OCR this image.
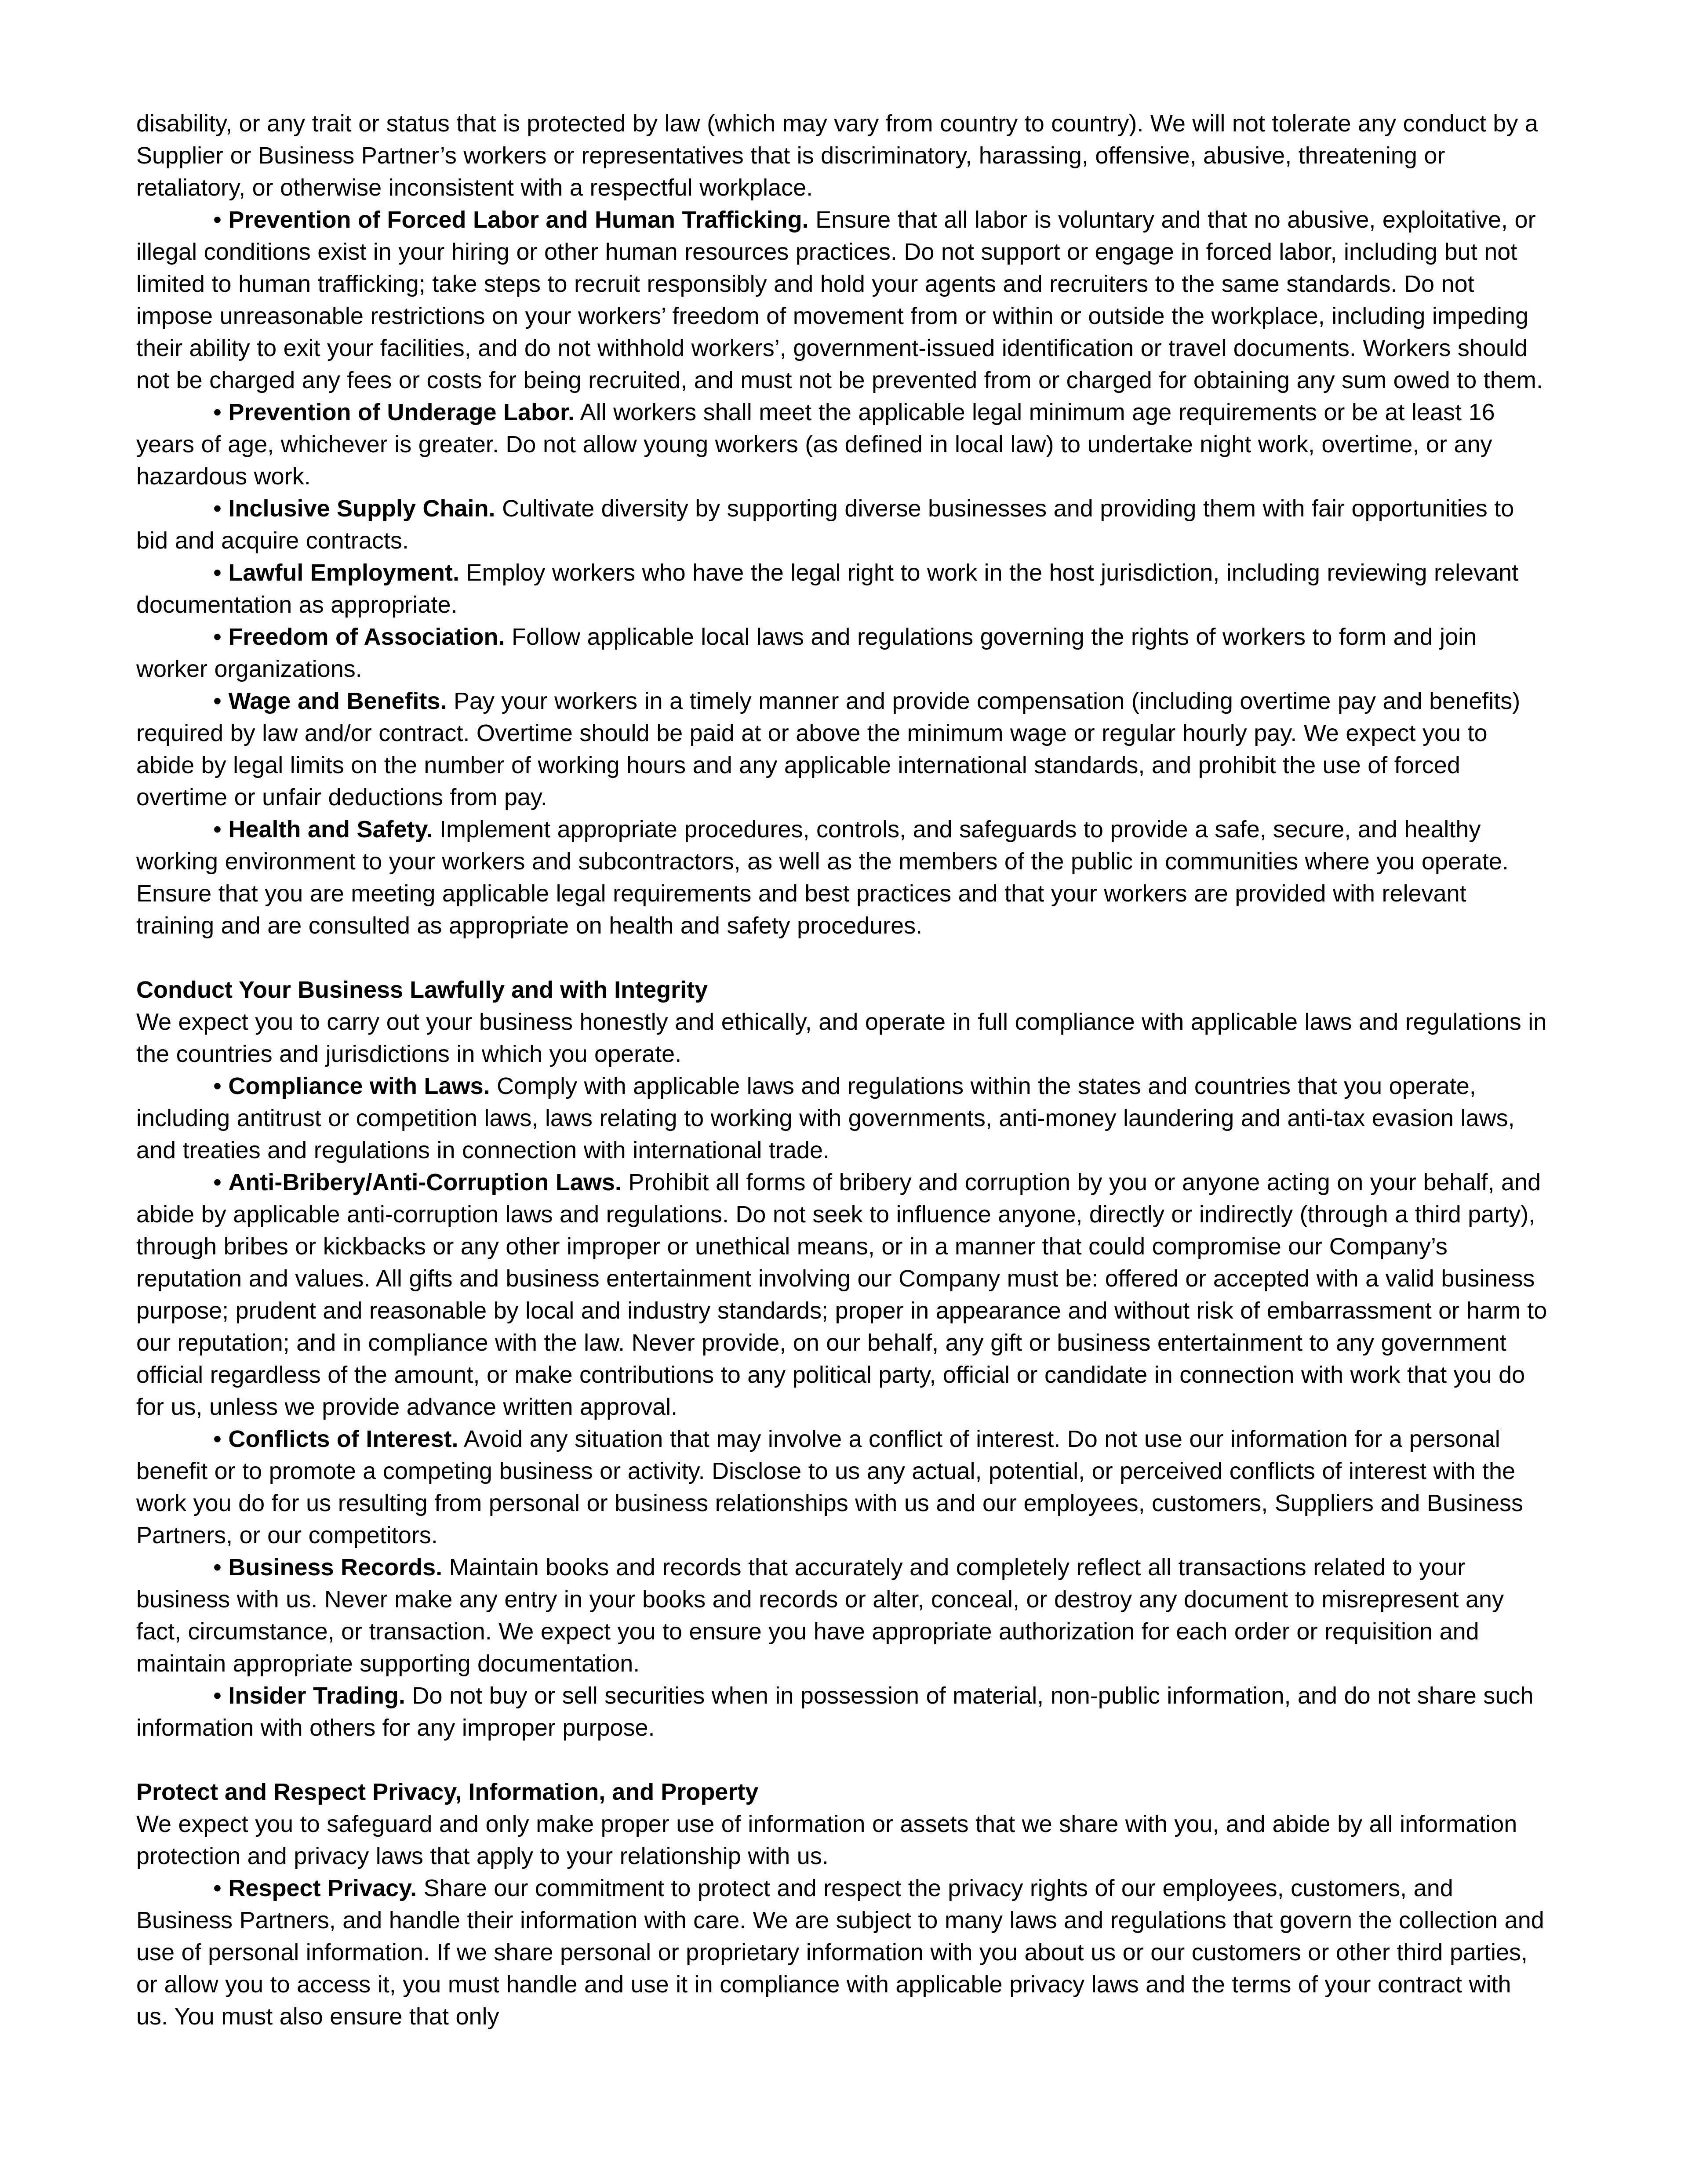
disability, or any trait or status that is protected by law (which may vary from country to country). We will not tolerate any conduct by a Supplier or Business Partner’s workers or representatives that is discriminatory, harassing, offensive, abusive, threatening or retaliatory, or otherwise inconsistent with a respectful workplace.

• Prevention of Forced Labor and Human Trafficking. Ensure that all labor is voluntary and that no abusive, exploitative, or illegal conditions exist in your hiring or other human resources practices. Do not support or engage in forced labor, including but not limited to human trafficking; take steps to recruit responsibly and hold your agents and recruiters to the same standards. Do not impose unreasonable restrictions on your workers’ freedom of movement from or within or outside the workplace, including impeding their ability to exit your facilities, and do not withhold workers’, government-issued identification or travel documents. Workers should not be charged any fees or costs for being recruited, and must not be prevented from or charged for obtaining any sum owed to them.

• Prevention of Underage Labor. All workers shall meet the applicable legal minimum age requirements or be at least 16 years of age, whichever is greater. Do not allow young workers (as defined in local law) to undertake night work, overtime, or any hazardous work.

• Inclusive Supply Chain. Cultivate diversity by supporting diverse businesses and providing them with fair opportunities to bid and acquire contracts.

• Lawful Employment. Employ workers who have the legal right to work in the host jurisdiction, including reviewing relevant documentation as appropriate.

• Freedom of Association. Follow applicable local laws and regulations governing the rights of workers to form and join worker organizations.

• Wage and Benefits. Pay your workers in a timely manner and provide compensation (including overtime pay and benefits) required by law and/or contract. Overtime should be paid at or above the minimum wage or regular hourly pay. We expect you to abide by legal limits on the number of working hours and any applicable international standards, and prohibit the use of forced overtime or unfair deductions from pay.

• Health and Safety. Implement appropriate procedures, controls, and safeguards to provide a safe, secure, and healthy working environment to your workers and subcontractors, as well as the members of the public in communities where you operate. Ensure that you are meeting applicable legal requirements and best practices and that your workers are provided with relevant training and are consulted as appropriate on health and safety procedures.

Conduct Your Business Lawfully and with Integrity

We expect you to carry out your business honestly and ethically, and operate in full compliance with applicable laws and regulations in the countries and jurisdictions in which you operate.

• Compliance with Laws. Comply with applicable laws and regulations within the states and countries that you operate, including antitrust or competition laws, laws relating to working with governments, anti-money laundering and anti-tax evasion laws, and treaties and regulations in connection with international trade.

• Anti-Bribery/Anti-Corruption Laws. Prohibit all forms of bribery and corruption by you or anyone acting on your behalf, and abide by applicable anti-corruption laws and regulations. Do not seek to influence anyone, directly or indirectly (through a third party), through bribes or kickbacks or any other improper or unethical means, or in a manner that could compromise our Company’s reputation and values. All gifts and business entertainment involving our Company must be: offered or accepted with a valid business purpose; prudent and reasonable by local and industry standards; proper in appearance and without risk of embarrassment or harm to our reputation; and in compliance with the law. Never provide, on our behalf, any gift or business entertainment to any government official regardless of the amount, or make contributions to any political party, official or candidate in connection with work that you do for us, unless we provide advance written approval.

• Conflicts of Interest. Avoid any situation that may involve a conflict of interest. Do not use our information for a personal benefit or to promote a competing business or activity. Disclose to us any actual, potential, or perceived conflicts of interest with the work you do for us resulting from personal or business relationships with us and our employees, customers, Suppliers and Business Partners, or our competitors.

• Business Records. Maintain books and records that accurately and completely reflect all transactions related to your business with us. Never make any entry in your books and records or alter, conceal, or destroy any document to misrepresent any fact, circumstance, or transaction. We expect you to ensure you have appropriate authorization for each order or requisition and maintain appropriate supporting documentation.

• Insider Trading. Do not buy or sell securities when in possession of material, non-public information, and do not share such information with others for any improper purpose.

Protect and Respect Privacy, Information, and Property

We expect you to safeguard and only make proper use of information or assets that we share with you, and abide by all information protection and privacy laws that apply to your relationship with us.

• Respect Privacy. Share our commitment to protect and respect the privacy rights of our employees, customers, and Business Partners, and handle their information with care. We are subject to many laws and regulations that govern the collection and use of personal information. If we share personal or proprietary information with you about us or our customers or other third parties, or allow you to access it, you must handle and use it in compliance with applicable privacy laws and the terms of your contract with us. You must also ensure that only
